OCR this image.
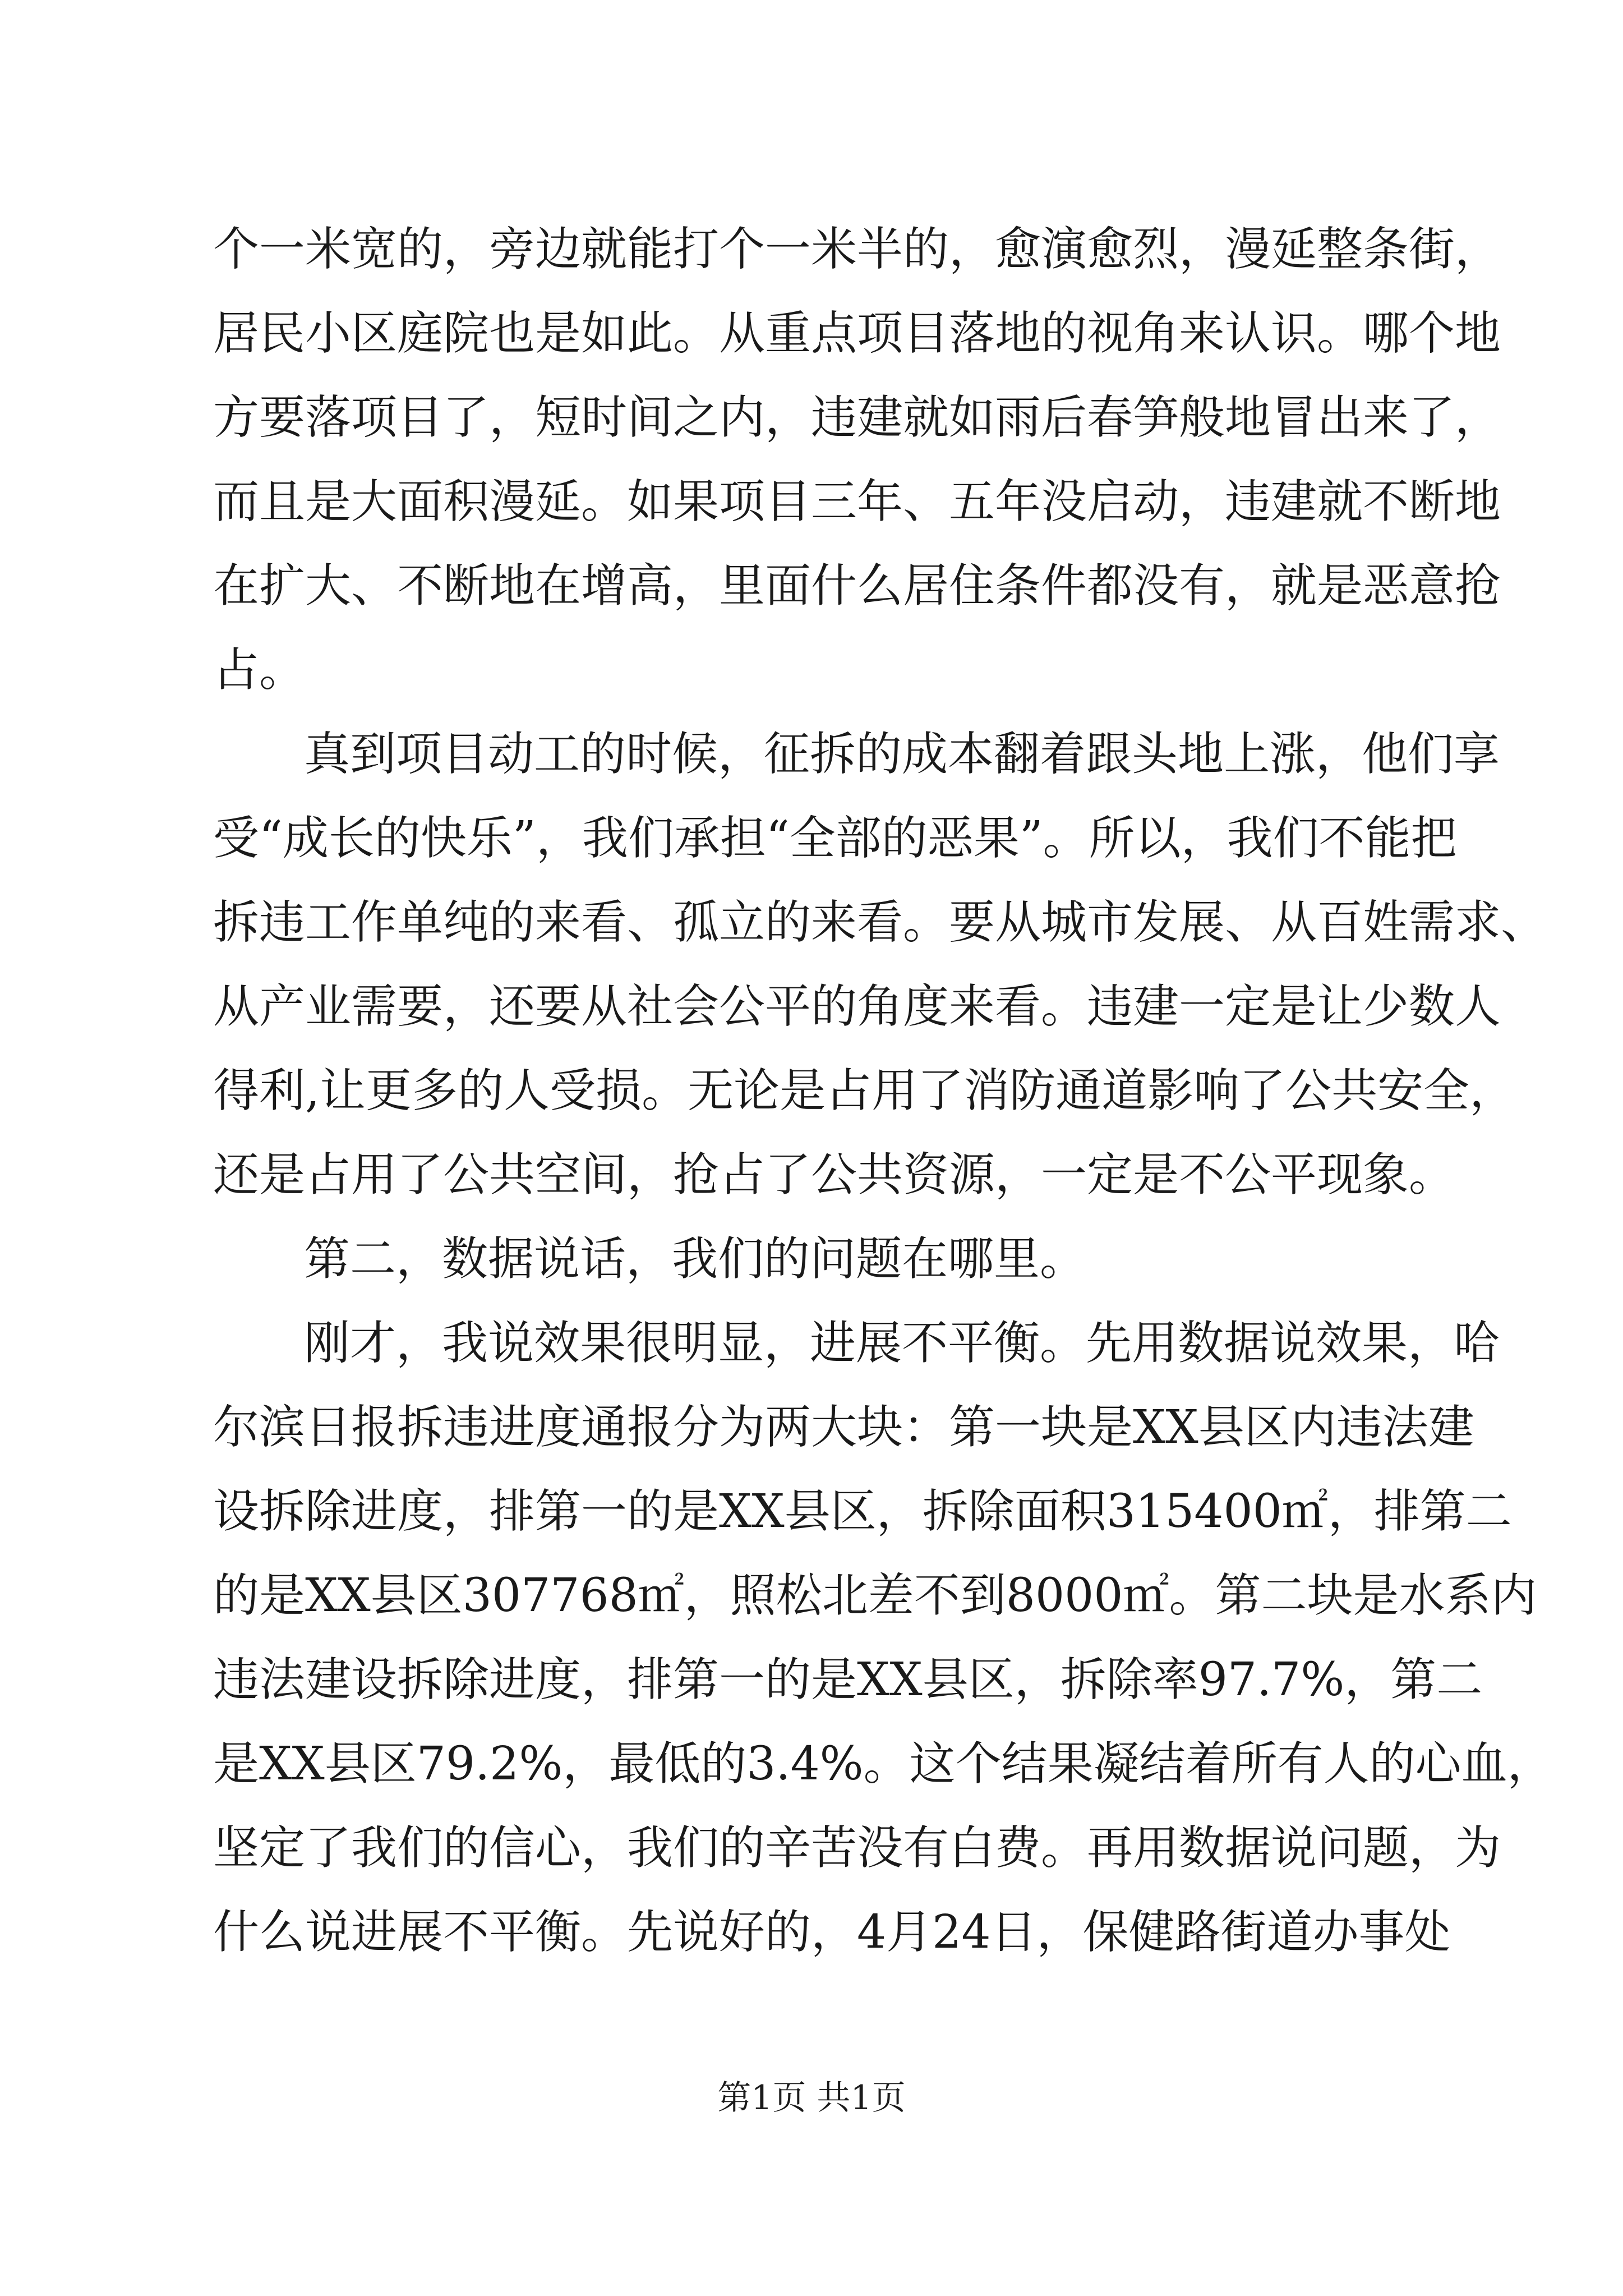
个一米宽的，旁边就能打个一米半的，愈演愈烈，漫延整条街，
居民小区庭院也是如此。从重点项目落地的视角来认识。哪个地
方要落项目了，短时间之内，违建就如雨后春笋般地冒出来了，
而且是大面积漫延。如果项目三年、五年没启动，违建就不断地
在扩大、不断地在增高，里面什么居住条件都没有，就是恶意抢
占。
真到项目动工的时候，征拆的成本翻着跟头地上涨，他们享
受“成长的快乐”，我们承担“全部的恶果”。所以，我们不能把
拆违工作单纯的来看、孤立的来看。要从城市发展、从百姓需求、
从产业需要，还要从社会公平的角度来看。违建一定是让少数人
得利,让更多的人受损。无论是占用了消防通道影响了公共安全，
还是占用了公共空间，抢占了公共资源，一定是不公平现象。
第二，数据说话，我们的问题在哪里。
刚才，我说效果很明显，进展不平衡。先用数据说效果，哈
尔滨日报拆违进度通报分为两大块：第一块是XX县区内违法建
设拆除进度，排第一的是XX县区，拆除面积315400㎡，排第二
的是XX县区307768㎡，照松北差不到8000㎡。第二块是水系内
违法建设拆除进度，排第一的是XX县区，拆除率97.7%，第二
是XX县区79.2%，最低的3.4%。这个结果凝结着所有人的心血，
坚定了我们的信心，我们的辛苦没有白费。再用数据说问题，为
什么说进展不平衡。先说好的，4月24日，保健路街道办事处
第1页 共1页
